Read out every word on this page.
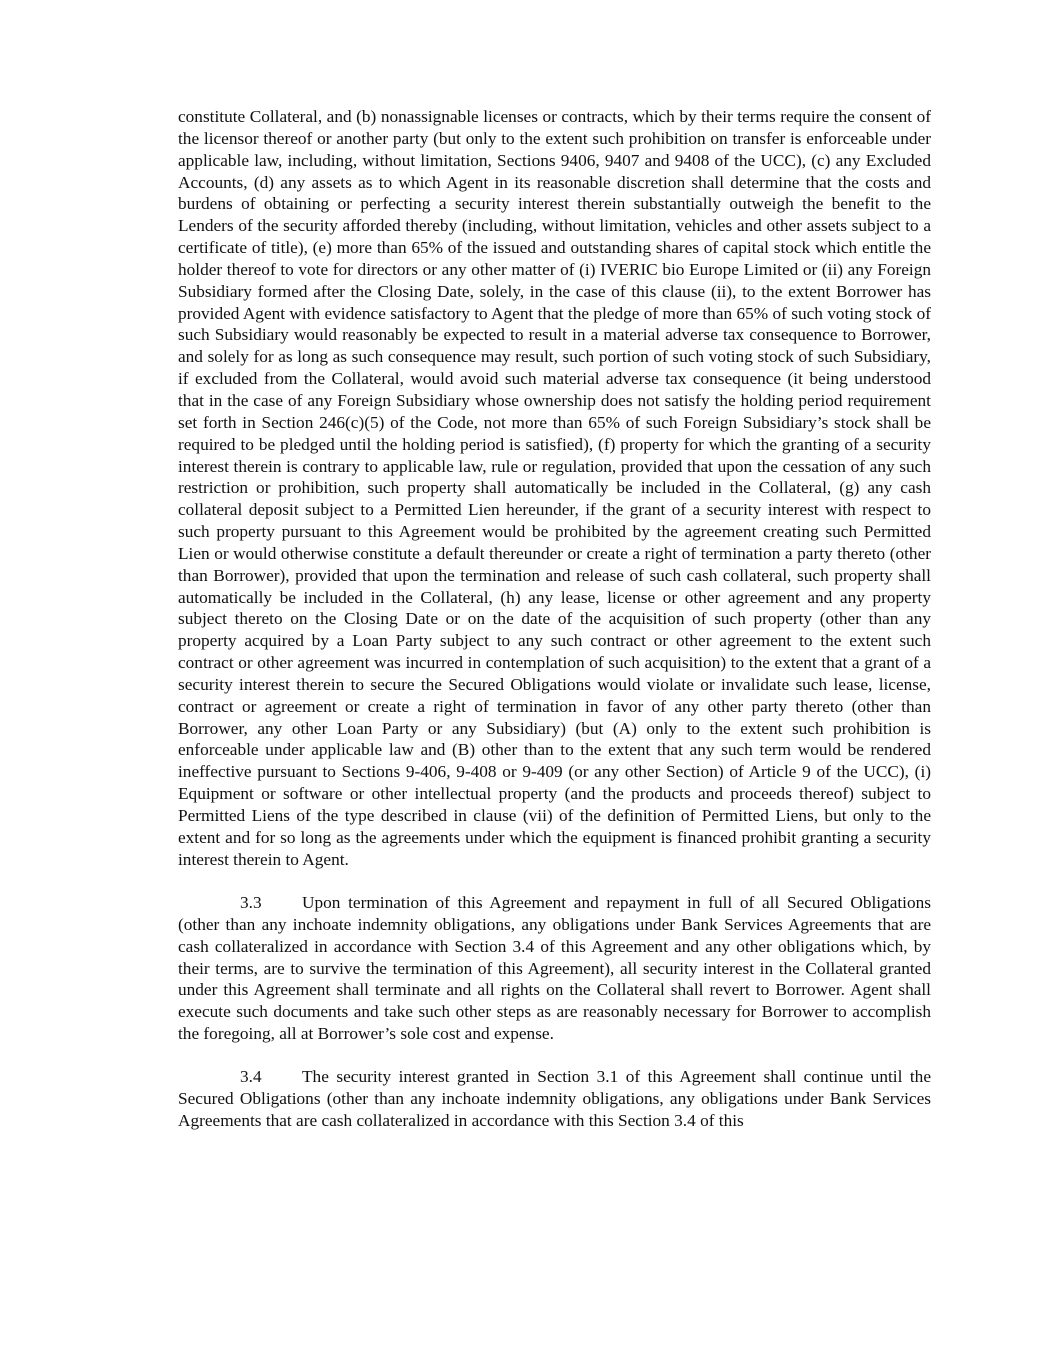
constitute Collateral, and (b) nonassignable licenses or contracts, which by their terms require the consent of the licensor thereof or another party (but only to the extent such prohibition on transfer is enforceable under applicable law, including, without limitation, Sections 9406, 9407 and 9408 of the UCC), (c) any Excluded Accounts, (d) any assets as to which Agent in its reasonable discretion shall determine that the costs and burdens of obtaining or perfecting a security interest therein substantially outweigh the benefit to the Lenders of the security afforded thereby (including, without limitation, vehicles and other assets subject to a certificate of title), (e) more than 65% of the issued and outstanding shares of capital stock which entitle the holder thereof to vote for directors or any other matter of (i) IVERIC bio Europe Limited or (ii) any Foreign Subsidiary formed after the Closing Date, solely, in the case of this clause (ii), to the extent Borrower has provided Agent with evidence satisfactory to Agent that the pledge of more than 65% of such voting stock of such Subsidiary would reasonably be expected to result in a material adverse tax consequence to Borrower, and solely for as long as such consequence may result, such portion of such voting stock of such Subsidiary, if excluded from the Collateral, would avoid such material adverse tax consequence (it being understood that in the case of any Foreign Subsidiary whose ownership does not satisfy the holding period requirement set forth in Section 246(c)(5) of the Code, not more than 65% of such Foreign Subsidiary’s stock shall be required to be pledged until the holding period is satisfied), (f) property for which the granting of a security interest therein is contrary to applicable law, rule or regulation, provided that upon the cessation of any such restriction or prohibition, such property shall automatically be included in the Collateral, (g) any cash collateral deposit subject to a Permitted Lien hereunder, if the grant of a security interest with respect to such property pursuant to this Agreement would be prohibited by the agreement creating such Permitted Lien or would otherwise constitute a default thereunder or create a right of termination a party thereto (other than Borrower), provided that upon the termination and release of such cash collateral, such property shall automatically be included in the Collateral, (h) any lease, license or other agreement and any property subject thereto on the Closing Date or on the date of the acquisition of such property (other than any property acquired by a Loan Party subject to any such contract or other agreement to the extent such contract or other agreement was incurred in contemplation of such acquisition) to the extent that a grant of a security interest therein to secure the Secured Obligations would violate or invalidate such lease, license, contract or agreement or create a right of termination in favor of any other party thereto (other than Borrower, any other Loan Party or any Subsidiary) (but (A) only to the extent such prohibition is enforceable under applicable law and (B) other than to the extent that any such term would be rendered ineffective pursuant to Sections 9-406, 9-408 or 9-409 (or any other Section) of Article 9 of the UCC), (i) Equipment or software or other intellectual property (and the products and proceeds thereof) subject to Permitted Liens of the type described in clause (vii) of the definition of Permitted Liens, but only to the extent and for so long as the agreements under which the equipment is financed prohibit granting a security interest therein to Agent.

3.3 Upon termination of this Agreement and repayment in full of all Secured Obligations (other than any inchoate indemnity obligations, any obligations under Bank Services Agreements that are cash collateralized in accordance with Section 3.4 of this Agreement and any other obligations which, by their terms, are to survive the termination of this Agreement), all security interest in the Collateral granted under this Agreement shall terminate and all rights on the Collateral shall revert to Borrower. Agent shall execute such documents and take such other steps as are reasonably necessary for Borrower to accomplish the foregoing, all at Borrower’s sole cost and expense.

3.4 The security interest granted in Section 3.1 of this Agreement shall continue until the Secured Obligations (other than any inchoate indemnity obligations, any obligations under Bank Services Agreements that are cash collateralized in accordance with this Section 3.4 of this
